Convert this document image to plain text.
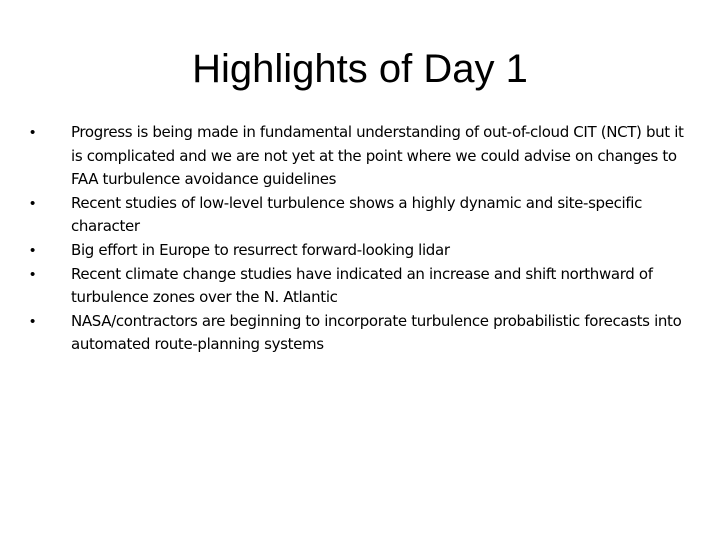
Highlights of Day 1
• Progress is being made in fundamental understanding of out-of-cloud CIT (NCT) but it is complicated and we are not yet at the point where we could advise on changes to FAA turbulence avoidance guidelines
• Recent studies of low-level turbulence shows a highly dynamic and site-specific character
• Big effort in Europe to resurrect forward-looking lidar
• Recent climate change studies have indicated an increase and shift northward of turbulence zones over the N. Atlantic
• NASA/contractors are beginning to incorporate turbulence probabilistic forecasts into automated route-planning systems
